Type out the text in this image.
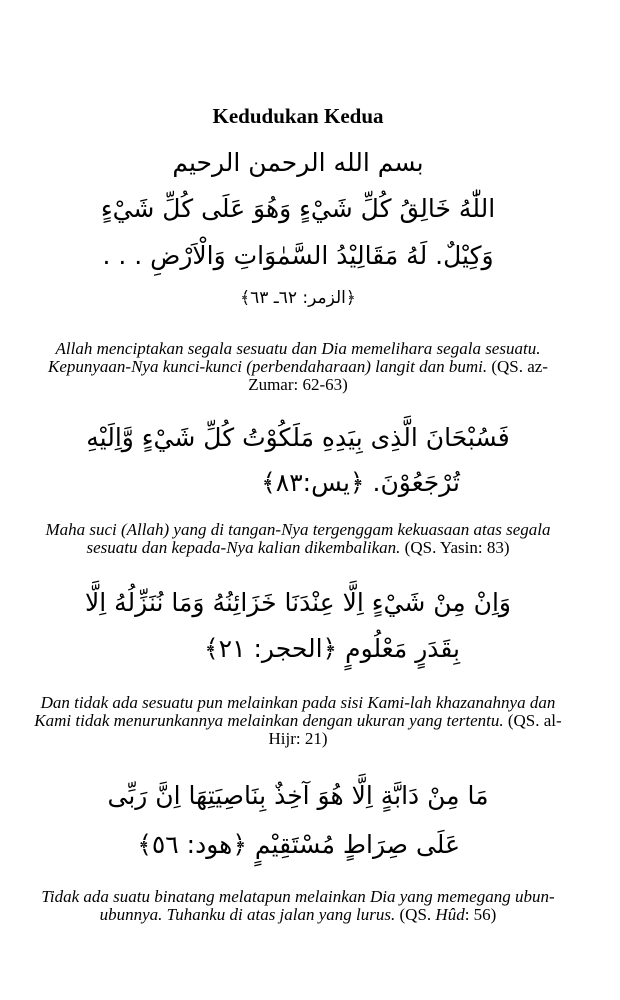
Kedudukan Kedua
بسم الله الرحمن الرحيم
اللّٰهُ خَالِقُ كُلِّ شَيْءٍ وَهُوَ عَلَى كُلِّ شَيْءٍ
وَكِيْلٌ. لَهُ مَقَالِيْدُ السَّمٰوَاتِ وَالْاَرْضِ . . .
﴿الزمر: ٦٢ـ ٦٣﴾
Allah menciptakan segala sesuatu dan Dia memelihara segala sesuatu. Kepunyaan-Nya kunci-kunci (perbendaharaan) langit dan bumi. (QS. az-Zumar: 62-63)
فَسُبْحَانَ الَّذِى بِيَدِهِ مَلَكُوْتُ كُلِّ شَيْءٍ وَّاِلَيْهِ
تُرْجَعُوْنَ. ﴿يس:٨٣﴾
Maha suci (Allah) yang di tangan-Nya tergenggam kekuasaan atas segala sesuatu dan kepada-Nya kalian dikembalikan. (QS. Yasin: 83)
وَاِنْ مِنْ شَيْءٍ اِلَّا عِنْدَنَا خَزَائِنُهُ وَمَا نُنَزِّلُهُ اِلَّا
بِقَدَرٍ مَعْلُومٍ ﴿الحجر: ٢١﴾
Dan tidak ada sesuatu pun melainkan pada sisi Kami-lah khazanahnya dan Kami tidak menurunkannya melainkan dengan ukuran yang tertentu. (QS. al-Hijr: 21)
مَا مِنْ دَابَّةٍ اِلَّا هُوَ آخِذٌ بِنَاصِيَتِهَا اِنَّ رَبِّى
عَلَى صِرَاطٍ مُسْتَقِيْمٍ ﴿هود: ٥٦﴾
Tidak ada suatu binatang melatapun melainkan Dia yang memegang ubun-ubunnya. Tuhanku di atas jalan yang lurus. (QS. Hûd: 56)
